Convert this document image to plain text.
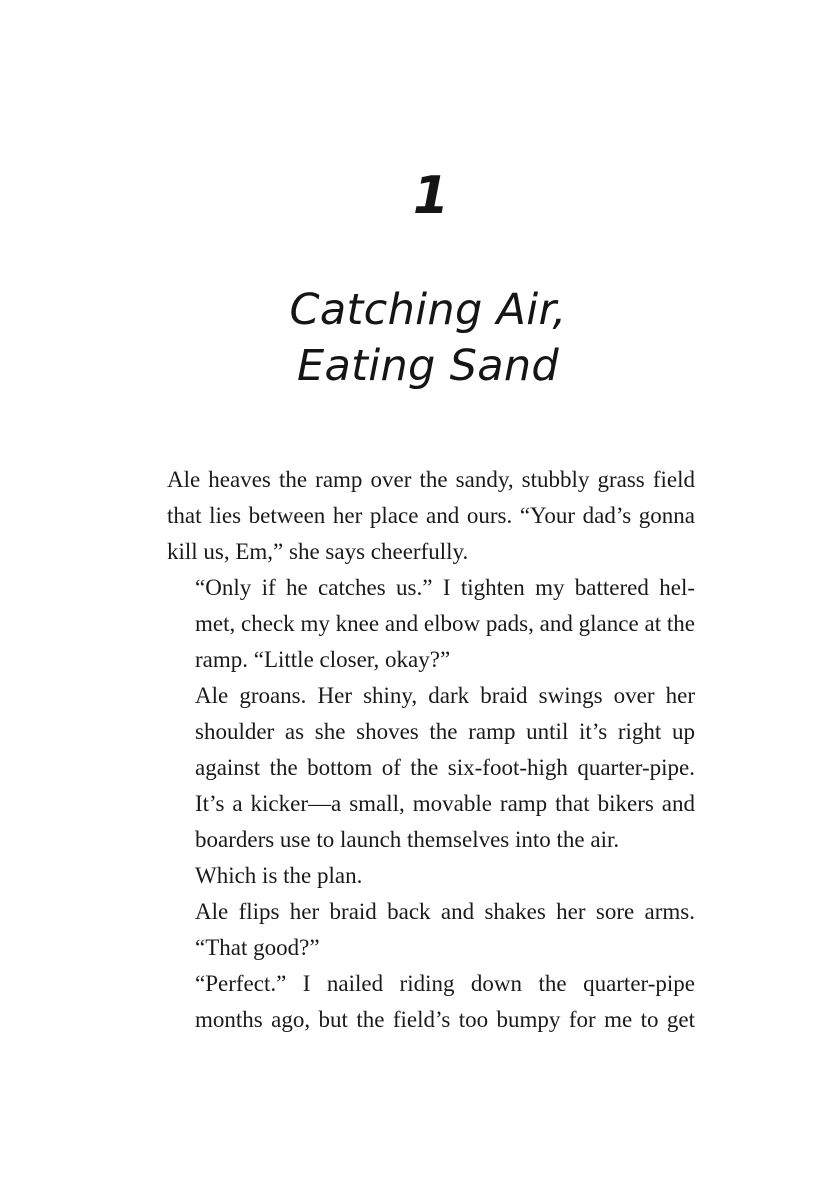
1
Catching Air,
Eating Sand

Ale heaves the ramp over the sandy, stubbly grass field
that lies between her place and ours. “Your dad’s gonna
kill us, Em,” she says cheerfully.

“Only if he catches us.” I tighten my battered hel-
met, check my knee and elbow pads, and glance at the
ramp. “Little closer, okay?”

Ale groans. Her shiny, dark braid swings over her
shoulder as she shoves the ramp until it’s right up
against the bottom of the six-foot-high quarter-pipe.
It’s a kicker—a small, movable ramp that bikers and
boarders use to launch themselves into the air.

Which is the plan.

Ale flips her braid back and shakes her sore arms.
“That good?”

“Perfect.” I nailed riding down the quarter-pipe
months ago, but the field’s too bumpy for me to get
